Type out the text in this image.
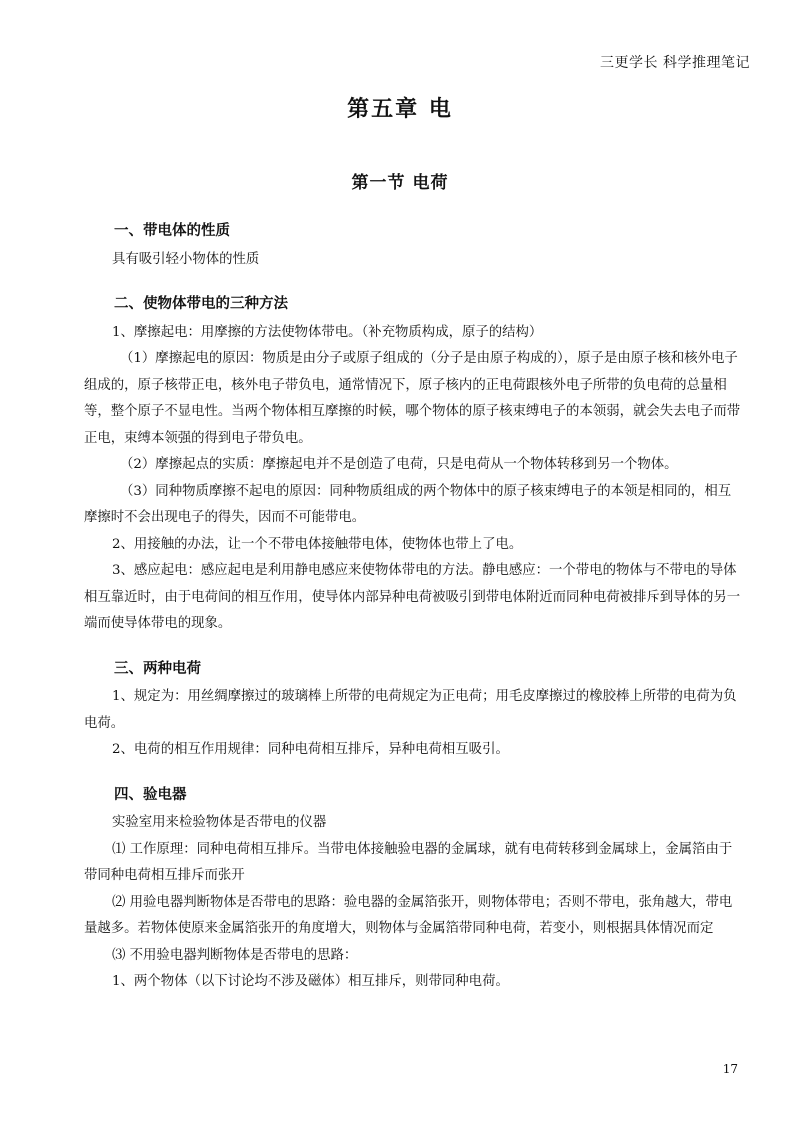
三更学长 科学推理笔记
第五章 电
第一节 电荷
一、带电体的性质

具有吸引轻小物体的性质

二、使物体带电的三种方法

1、摩擦起电：用摩擦的方法使物体带电。（补充物质构成，原子的结构）

（1）摩擦起电的原因：物质是由分子或原子组成的（分子是由原子构成的），原子是由原子核和核外电子组成的，原子核带正电，核外电子带负电，通常情况下，原子核内的正电荷跟核外电子所带的负电荷的总量相等，整个原子不显电性。当两个物体相互摩擦的时候，哪个物体的原子核束缚电子的本领弱，就会失去电子而带正电，束缚本领强的得到电子带负电。

（2）摩擦起点的实质：摩擦起电并不是创造了电荷，只是电荷从一个物体转移到另一个物体。

（3）同种物质摩擦不起电的原因：同种物质组成的两个物体中的原子核束缚电子的本领是相同的，相互摩擦时不会出现电子的得失，因而不可能带电。

2、用接触的办法，让一个不带电体接触带电体，使物体也带上了电。

3、感应起电：感应起电是利用静电感应来使物体带电的方法。静电感应：一个带电的物体与不带电的导体相互靠近时，由于电荷间的相互作用，使导体内部异种电荷被吸引到带电体附近而同种电荷被排斥到导体的另一端而使导体带电的现象。

三、两种电荷

1、规定为：用丝绸摩擦过的玻璃棒上所带的电荷规定为正电荷；用毛皮摩擦过的橡胶棒上所带的电荷为负电荷。

2、电荷的相互作用规律：同种电荷相互排斥，异种电荷相互吸引。

四、验电器

实验室用来检验物体是否带电的仪器

⑴ 工作原理：同种电荷相互排斥。当带电体接触验电器的金属球，就有电荷转移到金属球上，金属箔由于带同种电荷相互排斥而张开

⑵ 用验电器判断物体是否带电的思路：验电器的金属箔张开，则物体带电；否则不带电，张角越大，带电量越多。若物体使原来金属箔张开的角度增大，则物体与金属箔带同种电荷，若变小，则根据具体情况而定

⑶ 不用验电器判断物体是否带电的思路：

1、两个物体（以下讨论均不涉及磁体）相互排斥，则带同种电荷。

17
